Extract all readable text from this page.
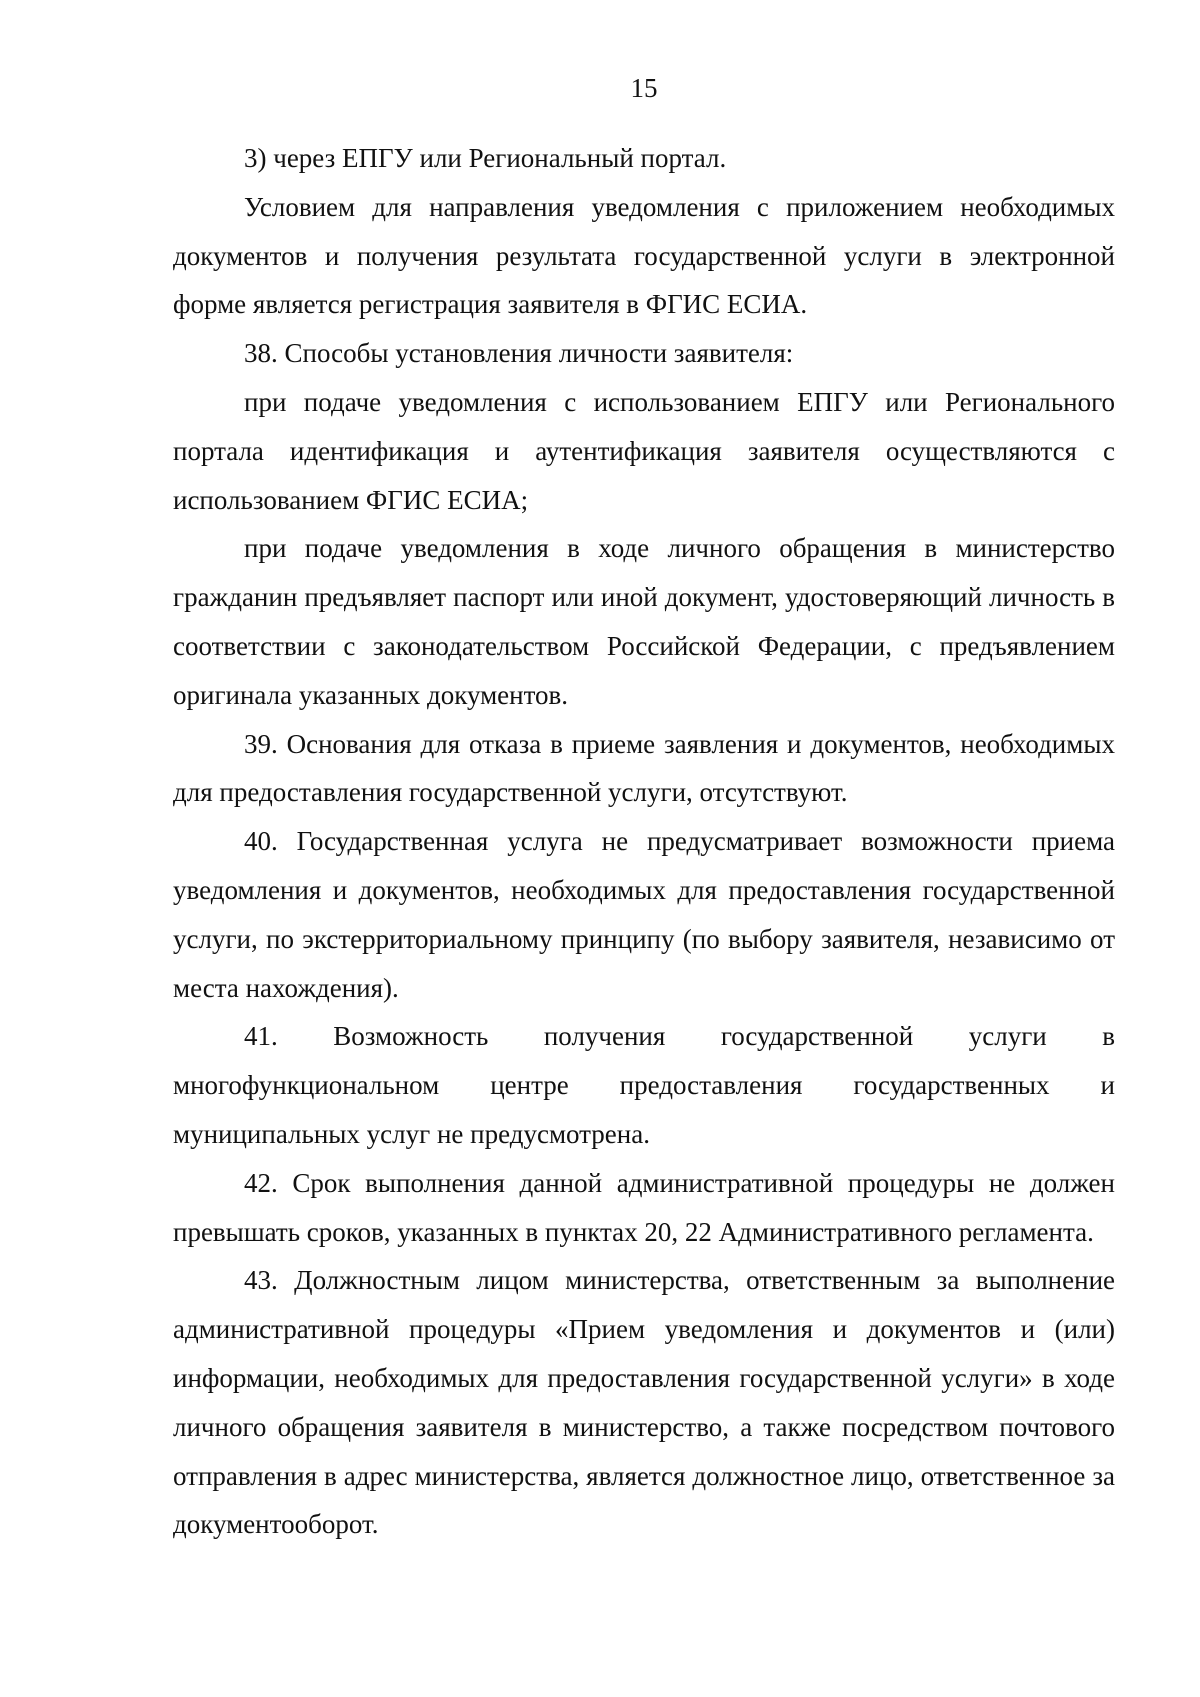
15

3) через ЕПГУ или Региональный портал.

Условием для направления уведомления с приложением необходимых документов и получения результата государственной услуги в электронной форме является регистрация заявителя в ФГИС ЕСИА.

38. Способы установления личности заявителя:

при подаче уведомления с использованием ЕПГУ или Регионального портала идентификация и аутентификация заявителя осуществляются с использованием ФГИС ЕСИА;

при подаче уведомления в ходе личного обращения в министерство гражданин предъявляет паспорт или иной документ, удостоверяющий личность в соответствии с законодательством Российской Федерации, с предъявлением оригинала указанных документов.

39. Основания для отказа в приеме заявления и документов, необходимых для предоставления государственной услуги, отсутствуют.

40. Государственная услуга не предусматривает возможности приема уведомления и документов, необходимых для предоставления государственной услуги, по экстерриториальному принципу (по выбору заявителя, независимо от места нахождения).

41. Возможность получения государственной услуги в многофункциональном центре предоставления государственных и муниципальных услуг не предусмотрена.

42. Срок выполнения данной административной процедуры не должен превышать сроков, указанных в пунктах 20, 22 Административного регламента.

43. Должностным лицом министерства, ответственным за выполнение административной процедуры «Прием уведомления и документов и (или) информации, необходимых для предоставления государственной услуги» в ходе личного обращения заявителя в министерство, а также посредством почтового отправления в адрес министерства, является должностное лицо, ответственное за документооборот.
